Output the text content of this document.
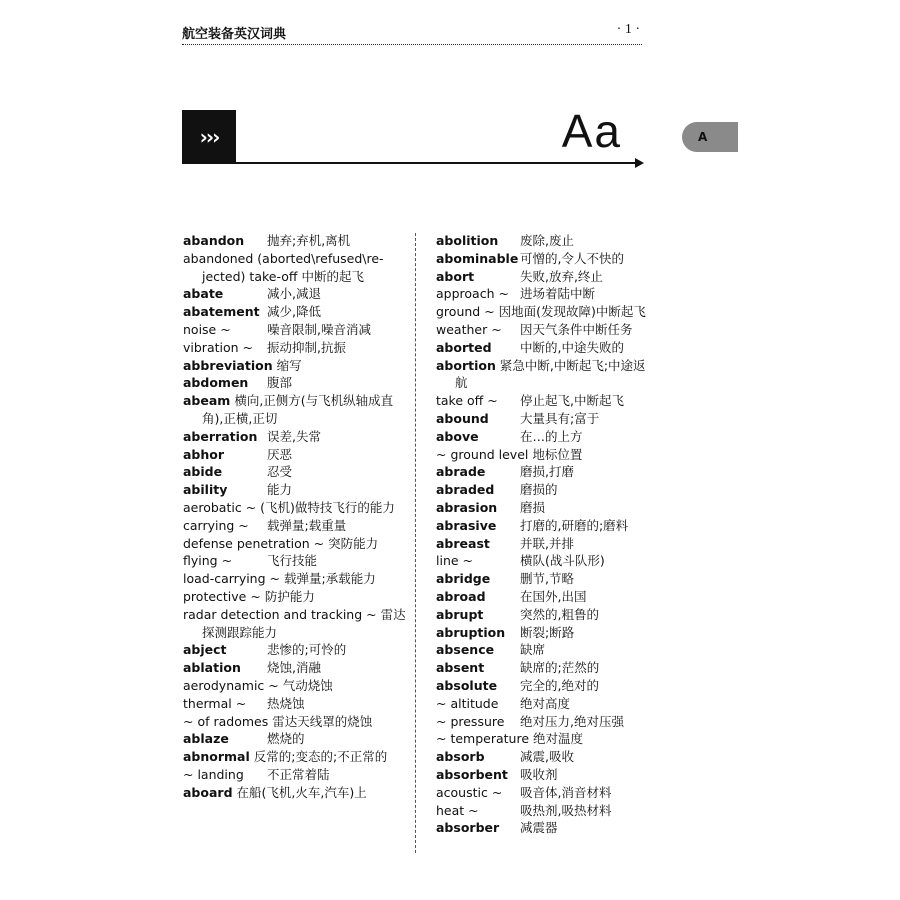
航空装备英汉词典	· 1 ·
›››	Aa	A
abandon 抛弃;弃机,离机
abandoned (aborted\refused\re-jected) take-off 中断的起飞
abate	减小,减退
abatement 减少,降低
noise ~	噪音限制,噪音消减
vibration ~ 振动抑制,抗振
abbreviation 缩写
abdomen 腹部
abeam 横向,正侧方(与飞机纵轴成直角),正横,正切
aberration 误差,失常
abhor	厌恶
abide	忍受
ability	能力
aerobatic ~ (飞机)做特技飞行的能力
carrying ~ 载弹量;载重量
defense penetration ~ 突防能力
flying ~	飞行技能
load-carrying ~ 载弹量;承载能力
protective ~ 防护能力
radar detection and tracking ~ 雷达探测跟踪能力
abject	悲惨的;可怜的
ablation 烧蚀,消融
aerodynamic ~ 气动烧蚀
thermal ~ 热烧蚀
~ of radomes 雷达天线罩的烧蚀
ablaze	燃烧的
abnormal 反常的;变态的;不正常的
~ landing 不正常着陆
aboard 在船(飞机,火车,汽车)上
abolition 废除,废止
abominable 可憎的,令人不快的
abort	失败,放弃,终止
approach ~ 进场着陆中断
ground ~ 因地面(发现故障)中断起飞
weather ~ 因天气条件中断任务
aborted 中断的,中途失败的
abortion 紧急中断,中断起飞;中途返航
take off ~ 停止起飞,中断起飞
abound	大量具有;富于
above	在…的上方
~ ground level 地标位置
abrade	磨损,打磨
abraded 磨损的
abrasion 磨损
abrasive 打磨的,研磨的;磨料
abreast 并联,并排
line ~	横队(战斗队形)
abridge 删节,节略
abroad	在国外,出国
abrupt	突然的,粗鲁的
abruption 断裂;断路
absence 缺席
absent	缺席的;茫然的
absolute 完全的,绝对的
~ altitude 绝对高度
~ pressure 绝对压力,绝对压强
~ temperature 绝对温度
absorb	减震,吸收
absorbent 吸收剂
acoustic ~ 吸音体,消音材料
heat ~	吸热剂,吸热材料
absorber 减震器
